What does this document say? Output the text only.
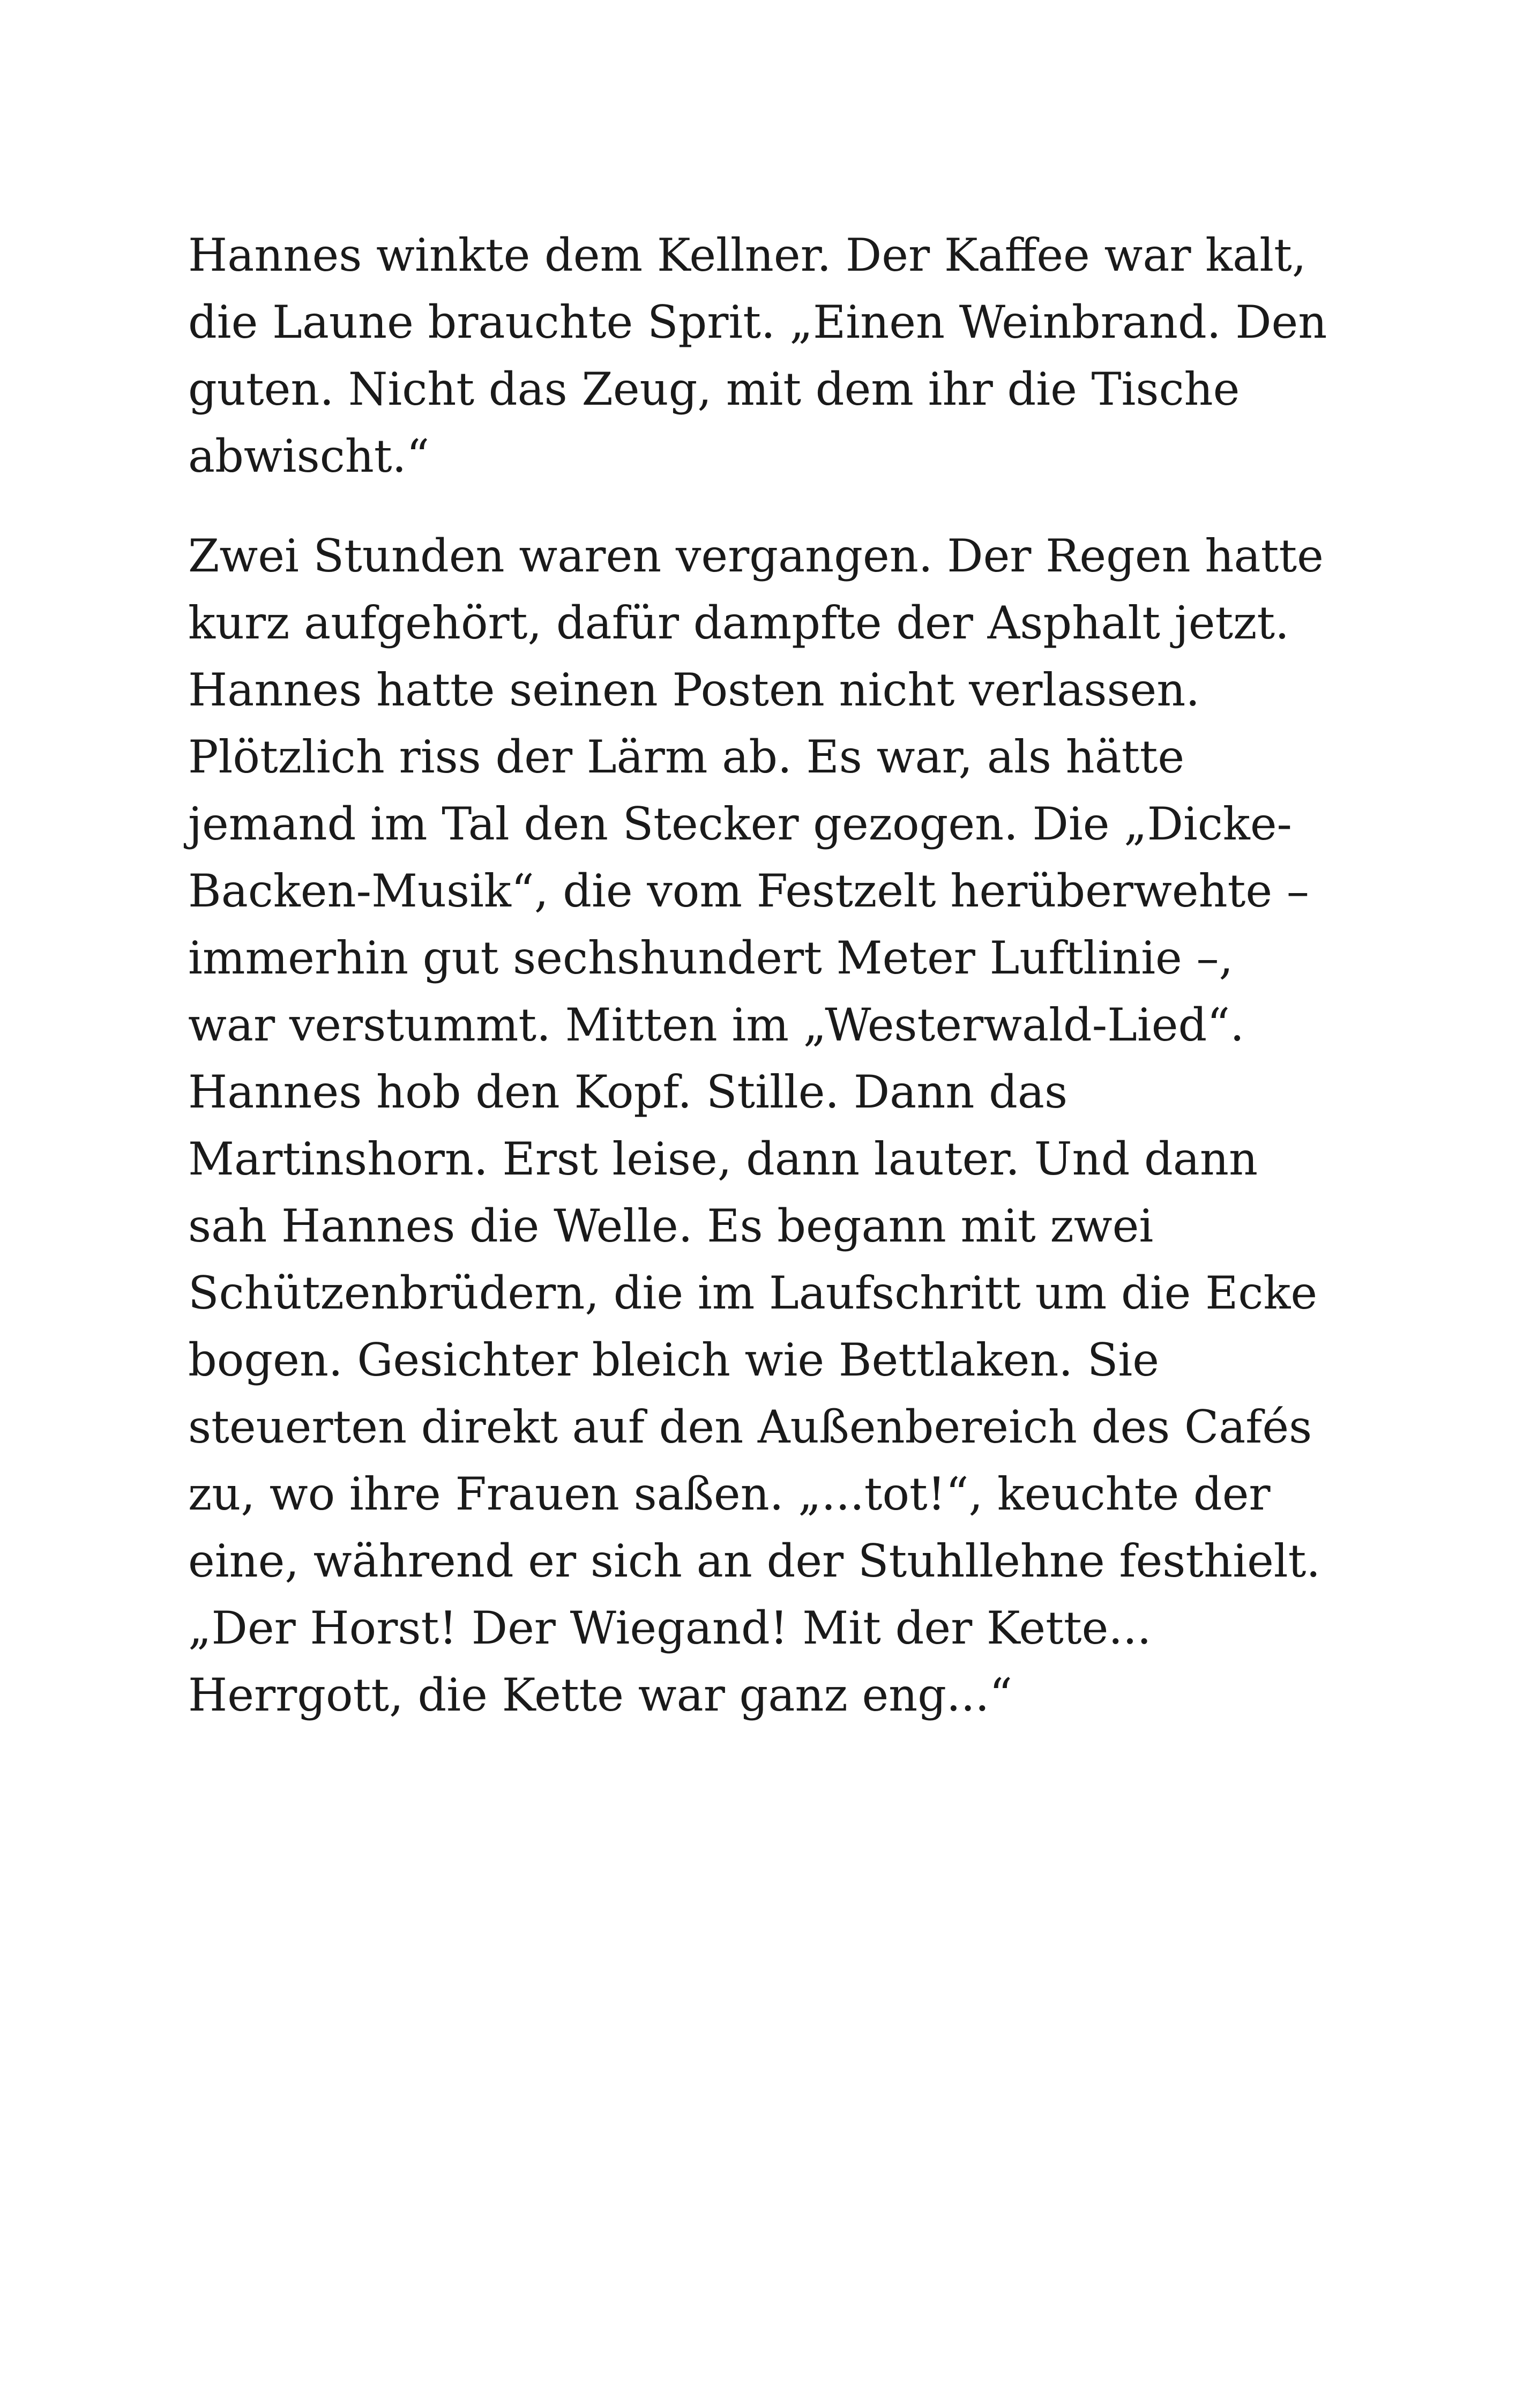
Hannes winkte dem Kellner. Der Kaffee war kalt,
die Laune brauchte Sprit. „Einen Weinbrand. Den
guten. Nicht das Zeug, mit dem ihr die Tische
abwischt.“

Zwei Stunden waren vergangen. Der Regen hatte
kurz aufgehört, dafür dampfte der Asphalt jetzt.
Hannes hatte seinen Posten nicht verlassen.
Plötzlich riss der Lärm ab. Es war, als hätte
jemand im Tal den Stecker gezogen. Die „Dicke-
Backen-Musik“, die vom Festzelt herüberwehte –
immerhin gut sechshundert Meter Luftlinie –,
war verstummt. Mitten im „Westerwald-Lied“.
Hannes hob den Kopf. Stille. Dann das
Martinshorn. Erst leise, dann lauter. Und dann
sah Hannes die Welle. Es begann mit zwei
Schützenbrüdern, die im Laufschritt um die Ecke
bogen. Gesichter bleich wie Bettlaken. Sie
steuerten direkt auf den Außenbereich des Cafés
zu, wo ihre Frauen saßen. „...tot!“, keuchte der
eine, während er sich an der Stuhllehne festhielt.
„Der Horst! Der Wiegand! Mit der Kette...
Herrgott, die Kette war ganz eng...“
